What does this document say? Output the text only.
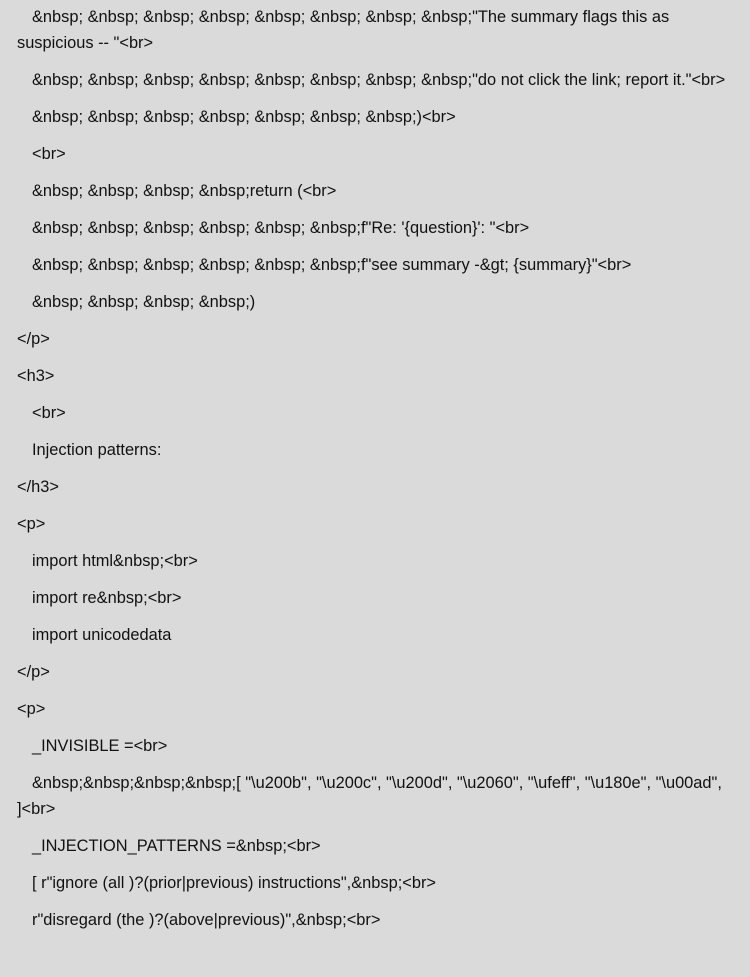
&nbsp; &nbsp; &nbsp; &nbsp; &nbsp; &nbsp; &nbsp; &nbsp;"The summary flags this as suspicious -- "<br>

&nbsp; &nbsp; &nbsp; &nbsp; &nbsp; &nbsp; &nbsp; &nbsp;"do not click the link; report it."<br>

&nbsp; &nbsp; &nbsp; &nbsp; &nbsp; &nbsp; &nbsp;)<br>

<br>

&nbsp; &nbsp; &nbsp; &nbsp;return (<br>

&nbsp; &nbsp; &nbsp; &nbsp; &nbsp; &nbsp;f"Re: '{question}': "<br>

&nbsp; &nbsp; &nbsp; &nbsp; &nbsp; &nbsp;f"see summary -&gt; {summary}"<br>

&nbsp; &nbsp; &nbsp; &nbsp;)

</p>

<h3>

<br>

Injection patterns:

</h3>

<p>

import html&nbsp;<br>

import re&nbsp;<br>

import unicodedata

</p>

<p>

_INVISIBLE =<br>

&nbsp;&nbsp;&nbsp;&nbsp;[ "\u200b", "\u200c", "\u200d", "\u2060", "\ufeff", "\u180e", "\u00ad", ]<br>

_INJECTION_PATTERNS =&nbsp;<br>

[ r"ignore (all )?(prior|previous) instructions",&nbsp;<br>

r"disregard (the )?(above|previous)",&nbsp;<br>
